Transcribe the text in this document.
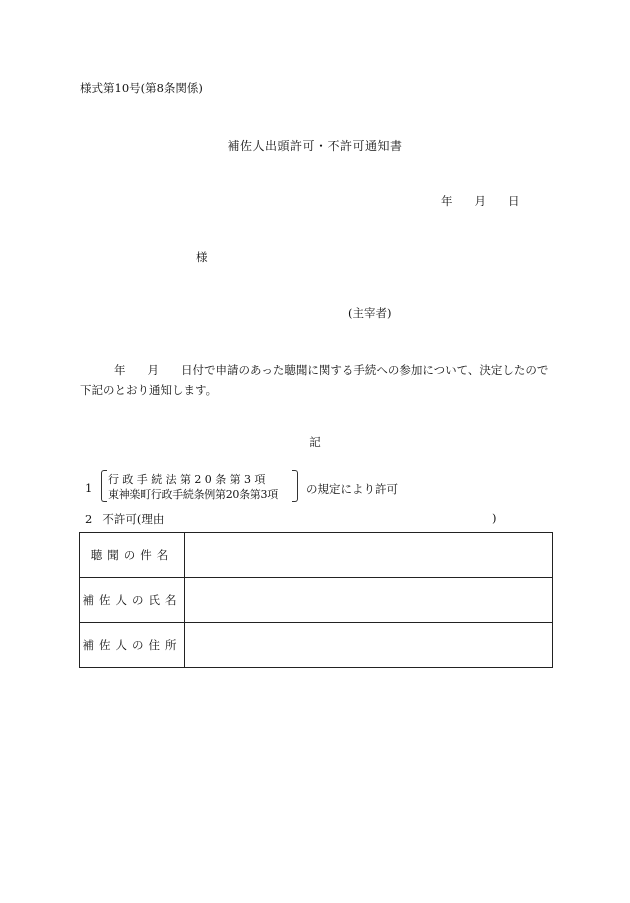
様式第10号(第8条関係)
補佐人出頭許可・不許可通知書
年 月 日
様
(主宰者)
年 月 日付で申請のあった聴聞に関する手続への参加について、決定したので下記のとおり通知します。
記
1
行政手続法第20条第3項
東神楽町行政手続条例第20条第3項 の規定により許可
2 不許可(理由	)
聴聞の件名	
補佐人の氏名	
補佐人の住所	
